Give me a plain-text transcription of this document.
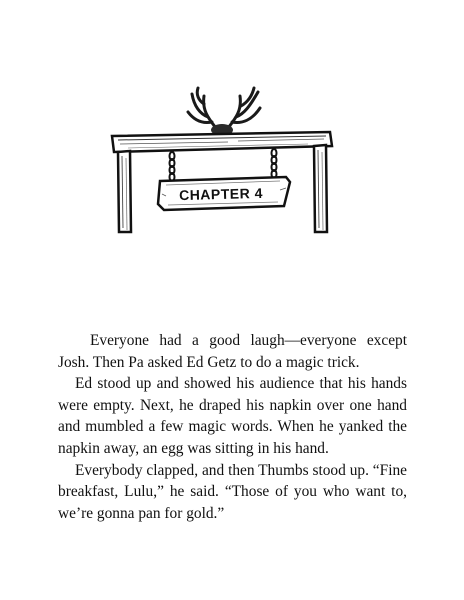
CHAPTER 4

Everyone had a good laugh—everyone except Josh. Then Pa asked Ed Getz to do a magic trick.

Ed stood up and showed his audience that his hands were empty. Next, he draped his napkin over one hand and mumbled a few magic words. When he yanked the napkin away, an egg was sitting in his hand.

Everybody clapped, and then Thumbs stood up. “Fine breakfast, Lulu,” he said. “Those of you who want to, we’re gonna pan for gold.”
